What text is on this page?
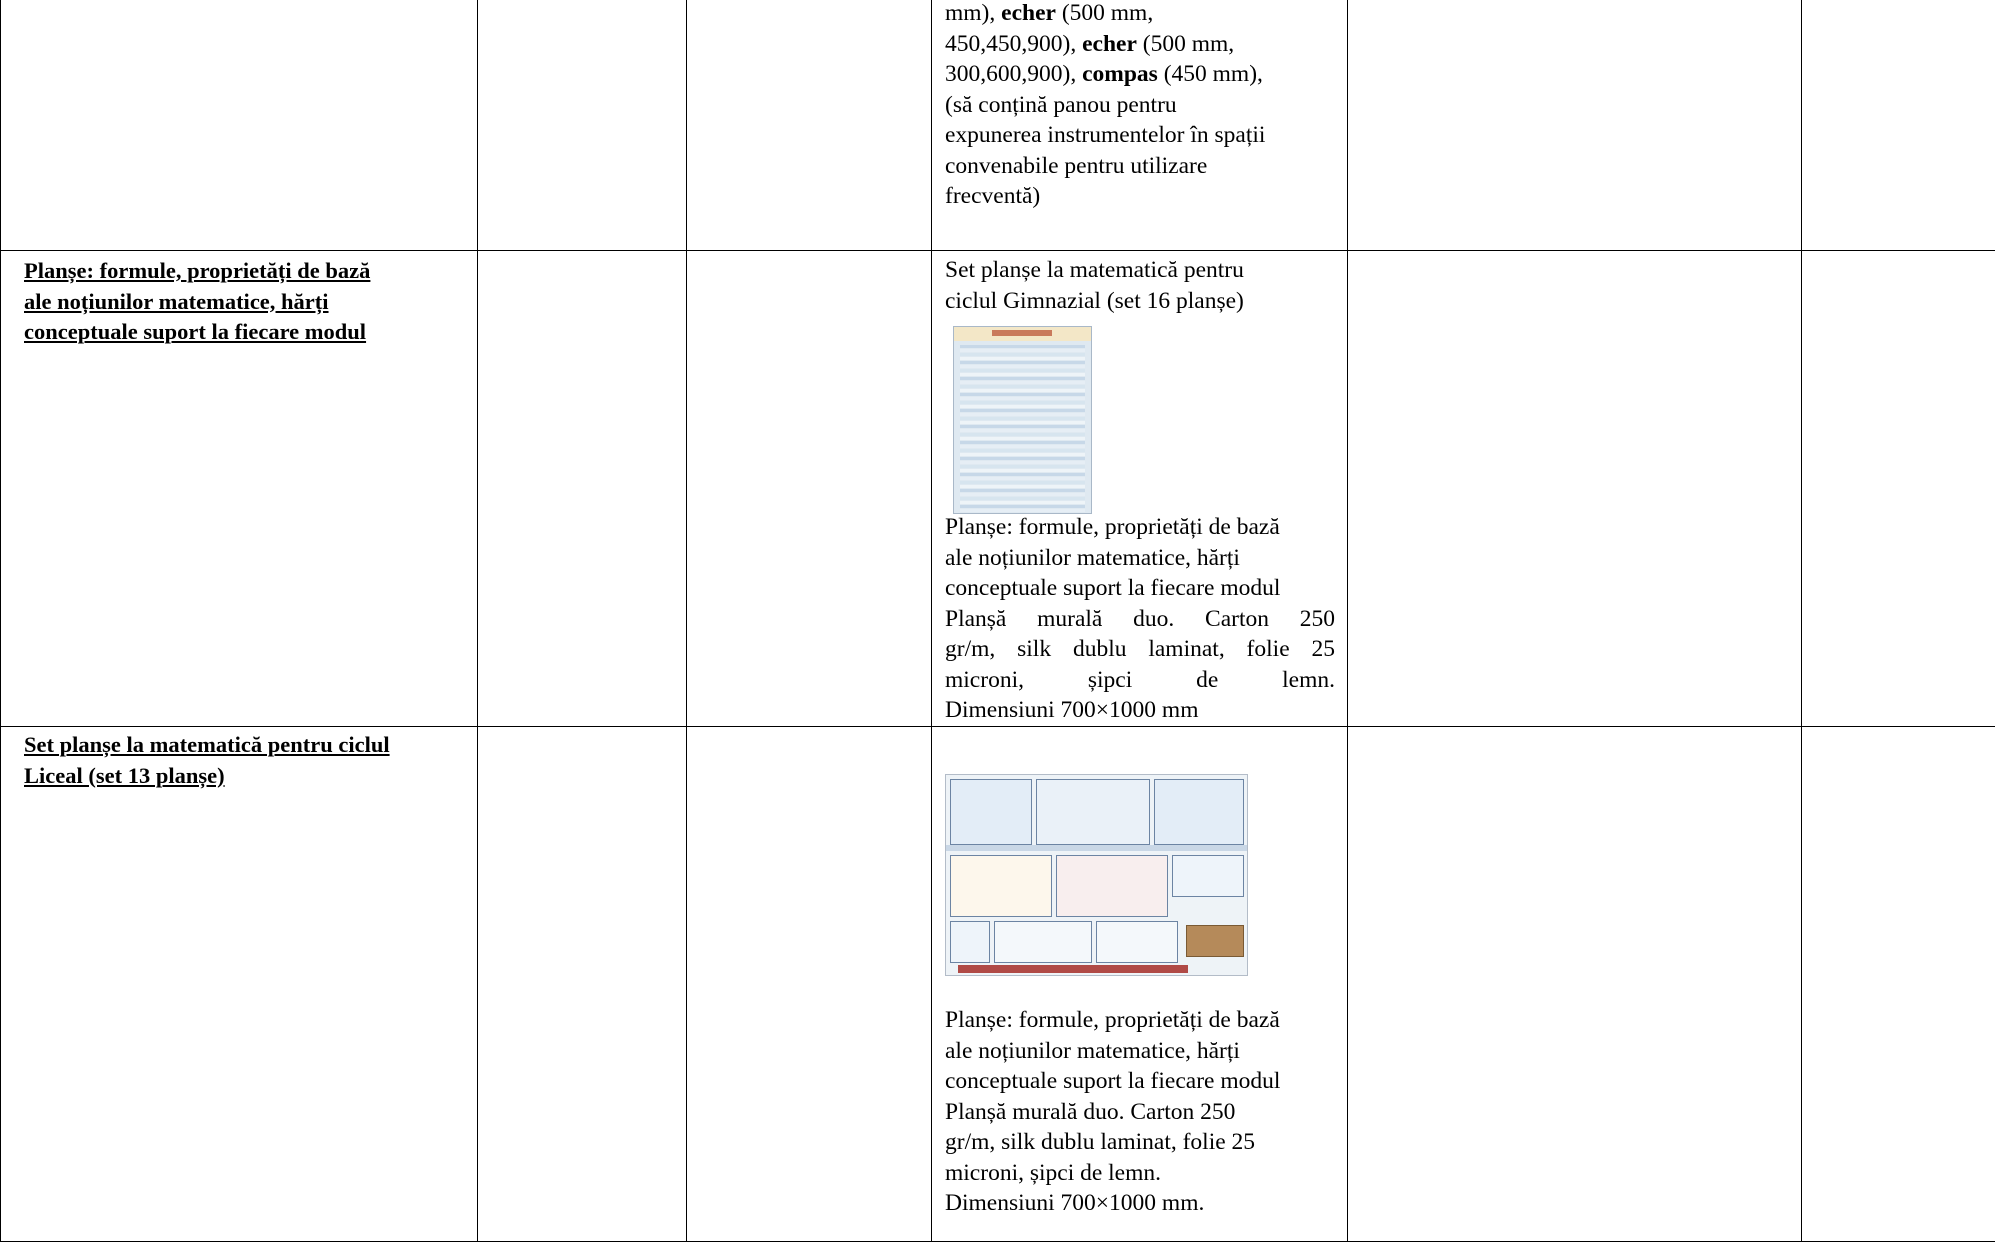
mm), echer (500 mm,
450,450,900), echer (500 mm,
300,600,900), compas (450 mm),
(să conțină panou pentru
expunerea instrumentelor în spații
convenabile pentru utilizare
frecventă)
Planșe: formule, proprietăți de bază
ale noțiunilor matematice, hărți
conceptuale suport la fiecare modul
Set planșe la matematică pentru
ciclul Gimnazial (set 16 planșe)
Planșe: formule, proprietăți de bază
ale noțiunilor matematice, hărți
conceptuale suport la fiecare modul
Planșă murală duo. Carton 250
gr/m, silk dublu laminat, folie 25
microni, șipci de lemn.
Dimensiuni 700×1000 mm
Set planșe la matematică pentru ciclul
Liceal (set 13 planșe)
Planșe: formule, proprietăți de bază
ale noțiunilor matematice, hărți
conceptuale suport la fiecare modul
Planșă murală duo. Carton 250
gr/m, silk dublu laminat, folie 25
microni, șipci de lemn.
Dimensiuni 700×1000 mm.
